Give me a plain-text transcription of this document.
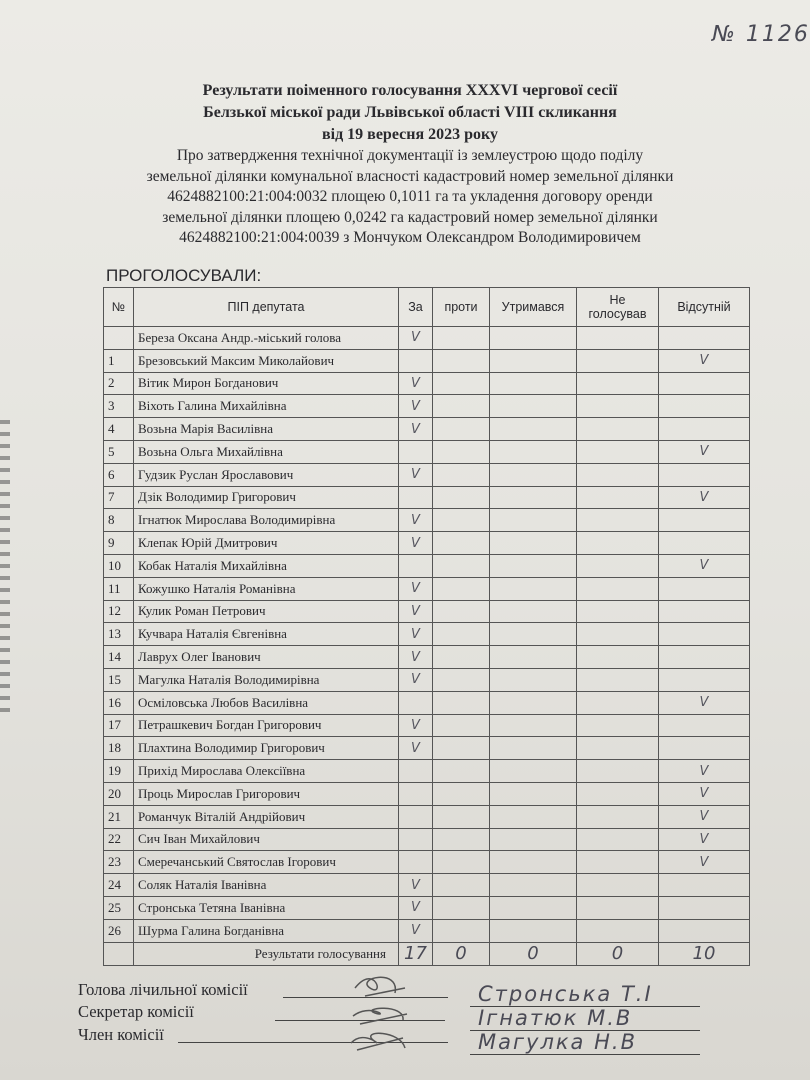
№ 1126
Результати поіменного голосування XXXVI чергової сесії
Белзької міської ради Львівської області VIII скликання
від 19 вересня 2023 року
Про затвердження технічної документації із землеустрою щодо поділу
земельної ділянки комунальної власності кадастровий номер земельної ділянки
4624882100:21:004:0032 площею 0,1011 га та укладення договору оренди
земельної ділянки площею 0,0242 га кадастровий номер земельної ділянки
4624882100:21:004:0039 з Мончуком Олександром Володимировичем
ПРОГОЛОСУВАЛИ:
№	ПІП депутата	За	проти	Утримався	Не голосував	Відсутній
	Береза Оксана Андр.-міський голова	V				
1	Брезовський Максим Миколайович					V
2	Вітик Мирон Богданович	V				
3	Віхоть Галина Михайлівна	V				
4	Возьна Марія Василівна	V				
5	Возьна Ольга Михайлівна					V
6	Гудзик Руслан Ярославович	V				
7	Дзік Володимир Григорович					V
8	Ігнатюк Мирослава Володимирівна	V				
9	Клепак Юрій Дмитрович	V				
10	Кобак Наталія Михайлівна					V
11	Кожушко Наталія Романівна	V				
12	Кулик Роман Петрович	V				
13	Кучвара Наталія Євгенівна	V				
14	Лаврух Олег Іванович	V				
15	Магулка Наталія Володимирівна	V				
16	Осміловська Любов Василівна					V
17	Петрашкевич Богдан Григорович	V				
18	Плахтина Володимир Григорович	V				
19	Прихід Мирослава Олексіївна					V
20	Проць Мирослав Григорович					V
21	Романчук Віталій Андрійович					V
22	Сич Іван Михайлович					V
23	Смеречанський Святослав Ігорович					V
24	Соляк Наталія Іванівна	V				
25	Стронська Тетяна Іванівна	V				
26	Шурма Галина Богданівна	V				
	Результати голосування	17	0	0	0	10
Голова лічильної комісії
Секретар комісії
Член комісії
Стронська Т.І
Ігнатюк М.В
Магулка Н.В
